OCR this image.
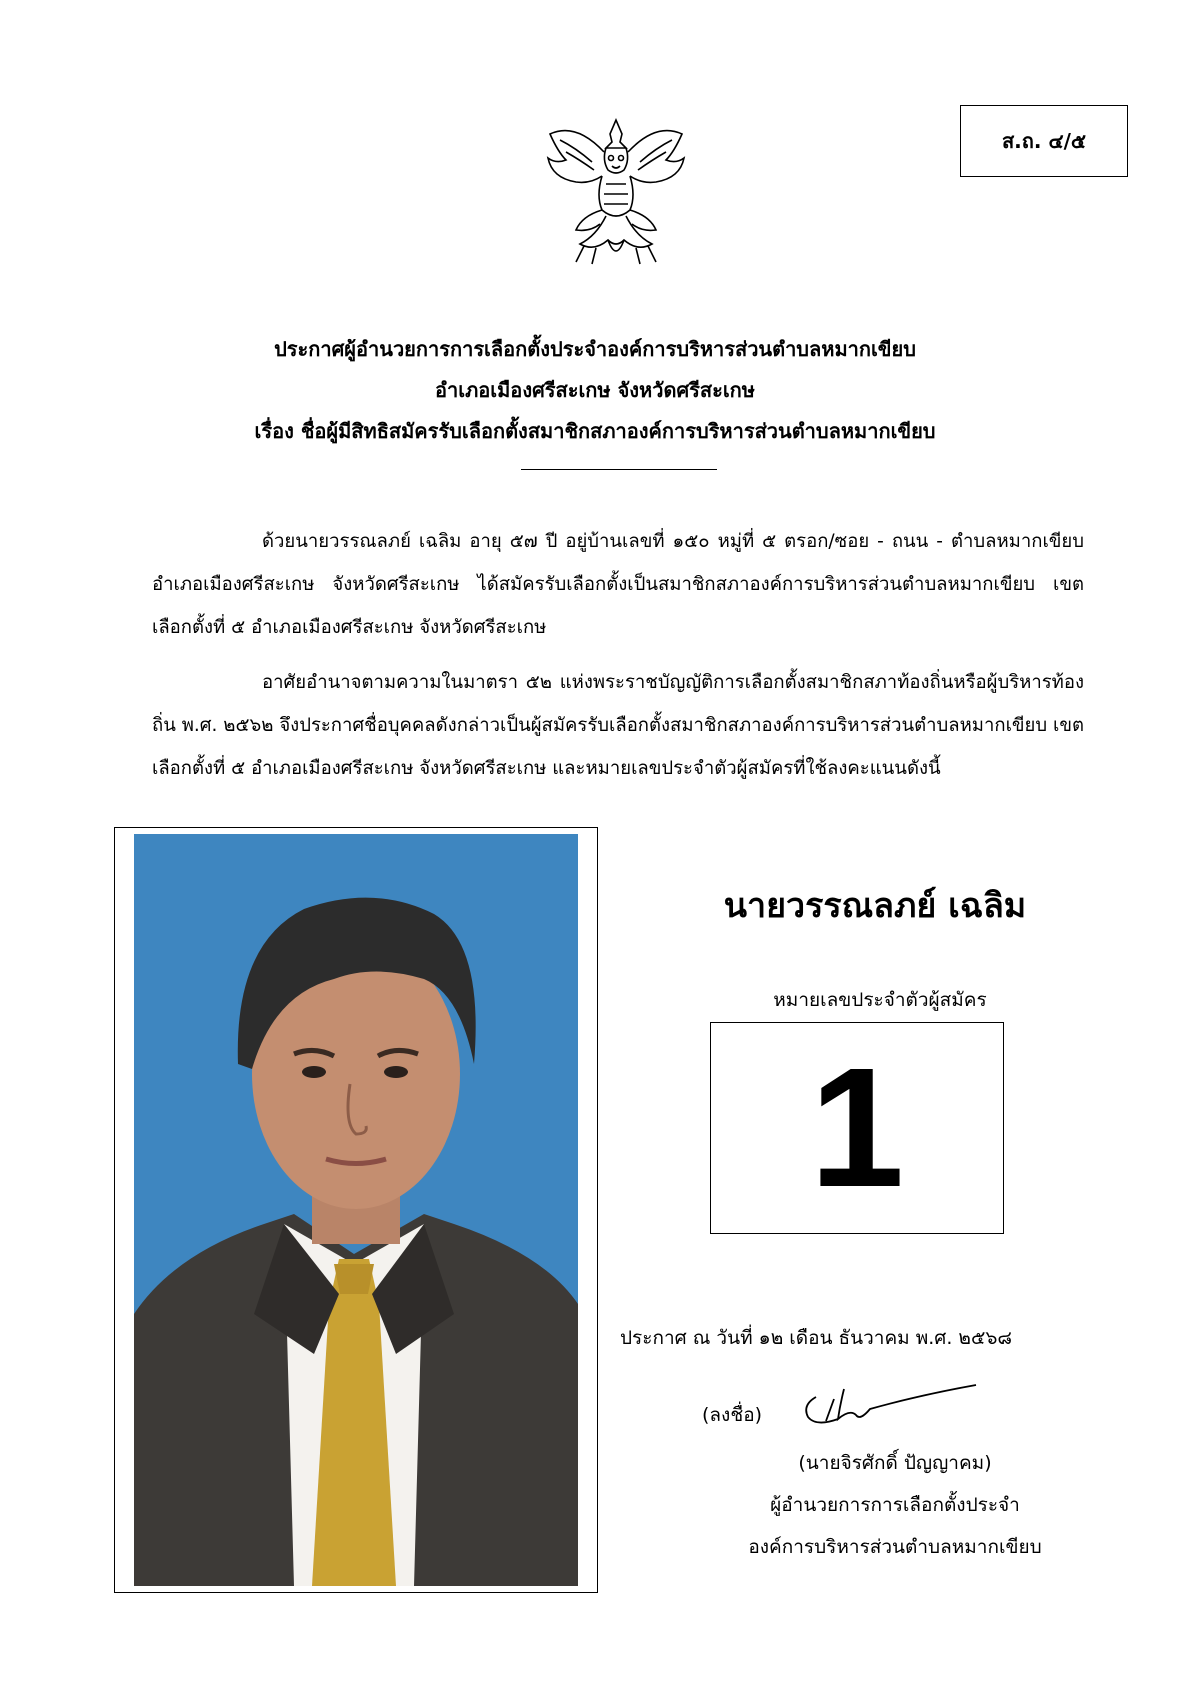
ส.ถ. ๔/๕
ประกาศผู้อำนวยการการเลือกตั้งประจำองค์การบริหารส่วนตำบลหมากเขียบ
อำเภอเมืองศรีสะเกษ จังหวัดศรีสะเกษ
เรื่อง ชื่อผู้มีสิทธิสมัครรับเลือกตั้งสมาชิกสภาองค์การบริหารส่วนตำบลหมากเขียบ
ด้วยนายวรรณลภย์ เฉลิม อายุ ๕๗ ปี อยู่บ้านเลขที่ ๑๕๐ หมู่ที่ ๕ ตรอก/ซอย - ถนน - ตำบลหมากเขียบ อำเภอเมืองศรีสะเกษ จังหวัดศรีสะเกษ ได้สมัครรับเลือกตั้งเป็นสมาชิกสภาองค์การบริหารส่วนตำบลหมากเขียบ เขตเลือกตั้งที่ ๕ อำเภอเมืองศรีสะเกษ จังหวัดศรีสะเกษ
อาศัยอำนาจตามความในมาตรา ๕๒ แห่งพระราชบัญญัติการเลือกตั้งสมาชิกสภาท้องถิ่นหรือผู้บริหารท้องถิ่น พ.ศ. ๒๕๖๒ จึงประกาศชื่อบุคคลดังกล่าวเป็นผู้สมัครรับเลือกตั้งสมาชิกสภาองค์การบริหารส่วนตำบลหมากเขียบ เขตเลือกตั้งที่ ๕ อำเภอเมืองศรีสะเกษ จังหวัดศรีสะเกษ และหมายเลขประจำตัวผู้สมัครที่ใช้ลงคะแนนดังนี้
นายวรรณลภย์ เฉลิม
หมายเลขประจำตัวผู้สมัคร
1
ประกาศ ณ วันที่ ๑๒ เดือน ธันวาคม พ.ศ. ๒๕๖๘
(ลงชื่อ)
(นายจิรศักดิ์ ปัญญาคม)
ผู้อำนวยการการเลือกตั้งประจำ
องค์การบริหารส่วนตำบลหมากเขียบ
